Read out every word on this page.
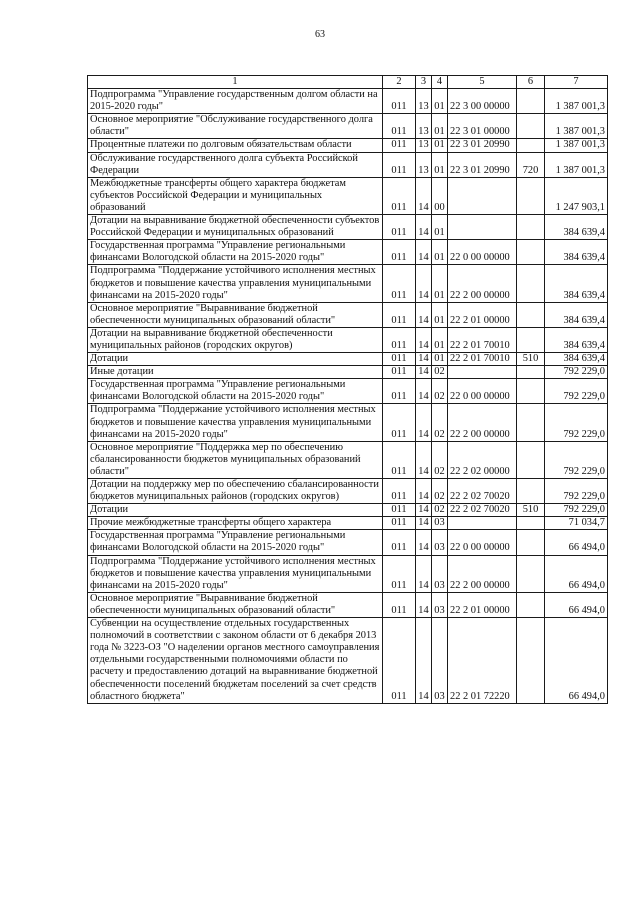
63
1	2	3	4	5	6	7
Подпрограмма "Управление государственным долгом области на 2015-2020 годы"	011	13	01	22 3 00 00000		1 387 001,3
Основное мероприятие "Обслуживание государственного долга области"	011	13	01	22 3 01 00000		1 387 001,3
Процентные платежи по долговым обязательствам области	011	13	01	22 3 01 20990		1 387 001,3
Обслуживание государственного долга субъекта Российской Федерации	011	13	01	22 3 01 20990	720	1 387 001,3
Межбюджетные трансферты общего характера бюджетам субъектов Российской Федерации и муниципальных образований	011	14	00			1 247 903,1
Дотации на выравнивание бюджетной обеспеченности субъектов Российской Федерации и муниципальных образований	011	14	01			384 639,4
Государственная программа "Управление региональными финансами Вологодской области на 2015-2020 годы"	011	14	01	22 0 00 00000		384 639,4
Подпрограмма "Поддержание устойчивого исполнения местных бюджетов и повышение качества управления муниципальными финансами на 2015-2020 годы"	011	14	01	22 2 00 00000		384 639,4
Основное мероприятие "Выравнивание бюджетной обеспеченности муниципальных образований области"	011	14	01	22 2 01 00000		384 639,4
Дотации на выравнивание бюджетной обеспеченности муниципальных районов (городских округов)	011	14	01	22 2 01 70010		384 639,4
Дотации	011	14	01	22 2 01 70010	510	384 639,4
Иные дотации	011	14	02			792 229,0
Государственная программа "Управление региональными финансами Вологодской области на 2015-2020 годы"	011	14	02	22 0 00 00000		792 229,0
Подпрограмма "Поддержание устойчивого исполнения местных бюджетов и повышение качества управления муниципальными финансами на 2015-2020 годы"	011	14	02	22 2 00 00000		792 229,0
Основное мероприятие "Поддержка мер по обеспечению сбалансированности бюджетов муниципальных образований области"	011	14	02	22 2 02 00000		792 229,0
Дотации на поддержку мер по обеспечению сбалансированности бюджетов муниципальных районов (городских округов)	011	14	02	22 2 02 70020		792 229,0
Дотации	011	14	02	22 2 02 70020	510	792 229,0
Прочие межбюджетные трансферты общего характера	011	14	03			71 034,7
Государственная программа "Управление региональными финансами Вологодской области на 2015-2020 годы"	011	14	03	22 0 00 00000		66 494,0
Подпрограмма "Поддержание устойчивого исполнения местных бюджетов и повышение качества управления муниципальными финансами на 2015-2020 годы"	011	14	03	22 2 00 00000		66 494,0
Основное мероприятие "Выравнивание бюджетной обеспеченности муниципальных образований области"	011	14	03	22 2 01 00000		66 494,0
Субвенции на осуществление отдельных государственных полномочий в соответствии с законом области от 6 декабря 2013 года № 3223-ОЗ "О наделении органов местного самоуправления отдельными государственными полномочиями области по расчету и предоставлению дотаций на выравнивание бюджетной обеспеченности поселений бюджетам поселений за счет средств областного бюджета"	011	14	03	22 2 01 72220		66 494,0
